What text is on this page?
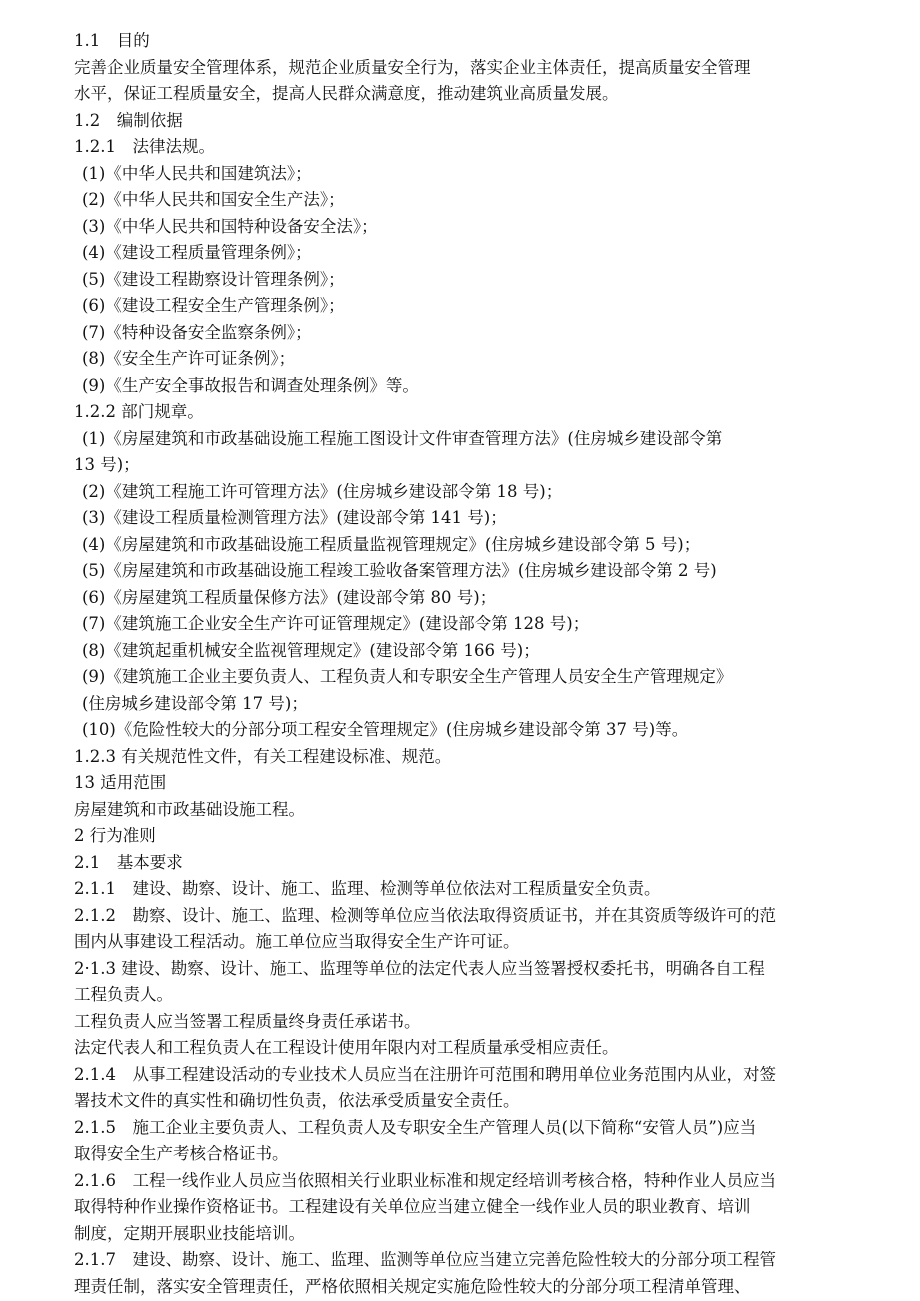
1.1　目的
完善企业质量安全管理体系，规范企业质量安全行为，落实企业主体责任，提高质量安全管理
水平，保证工程质量安全，提高人民群众满意度，推动建筑业高质量发展。
1.2　编制依据
1.2.1　法律法规。
(1)《中华人民共和国建筑法》；
(2)《中华人民共和国安全生产法》；
(3)《中华人民共和国特种设备安全法》；
(4)《建设工程质量管理条例》；
(5)《建设工程勘察设计管理条例》；
(6)《建设工程安全生产管理条例》；
(7)《特种设备安全监察条例》；
(8)《安全生产许可证条例》；
(9)《生产安全事故报告和调查处理条例》等。
1.2.2 部门规章。
(1)《房屋建筑和市政基础设施工程施工图设计文件审查管理方法》(住房城乡建设部令第
13 号)；
(2)《建筑工程施工许可管理方法》(住房城乡建设部令第 18 号)；
(3)《建设工程质量检测管理方法》(建设部令第 141 号)；
(4)《房屋建筑和市政基础设施工程质量监视管理规定》(住房城乡建设部令第 5 号)；
(5)《房屋建筑和市政基础设施工程竣工验收备案管理方法》(住房城乡建设部令第 2 号)
(6)《房屋建筑工程质量保修方法》(建设部令第 80 号)；
(7)《建筑施工企业安全生产许可证管理规定》(建设部令第 128 号)；
(8)《建筑起重机械安全监视管理规定》(建设部令第 166 号)；
(9)《建筑施工企业主要负责人、工程负责人和专职安全生产管理人员安全生产管理规定》
(住房城乡建设部令第 17 号)；
(10)《危险性较大的分部分项工程安全管理规定》(住房城乡建设部令第 37 号)等。
1.2.3 有关规范性文件，有关工程建设标准、规范。
13 适用范围
房屋建筑和市政基础设施工程。
2 行为准则
2.1　基本要求
2.1.1　建设、勘察、设计、施工、监理、检测等单位依法对工程质量安全负责。
2.1.2　勘察、设计、施工、监理、检测等单位应当依法取得资质证书，并在其资质等级许可的范
围内从事建设工程活动。施工单位应当取得安全生产许可证。
2·1.3 建设、勘察、设计、施工、监理等单位的法定代表人应当签署授权委托书，明确各自工程
工程负责人。
工程负责人应当签署工程质量终身责任承诺书。
法定代表人和工程负责人在工程设计使用年限内对工程质量承受相应责任。
2.1.4　从事工程建设活动的专业技术人员应当在注册许可范围和聘用单位业务范围内从业，对签
署技术文件的真实性和确切性负责，依法承受质量安全责任。
2.1.5　施工企业主要负责人、工程负责人及专职安全生产管理人员(以下简称“安管人员”)应当
取得安全生产考核合格证书。
2.1.6　工程一线作业人员应当依照相关行业职业标准和规定经培训考核合格，特种作业人员应当
取得特种作业操作资格证书。工程建设有关单位应当建立健全一线作业人员的职业教育、培训
制度，定期开展职业技能培训。
2.1.7　建设、勘察、设计、施工、监理、监测等单位应当建立完善危险性较大的分部分项工程管
理责任制，落实安全管理责任，严格依照相关规定实施危险性较大的分部分项工程清单管理、
